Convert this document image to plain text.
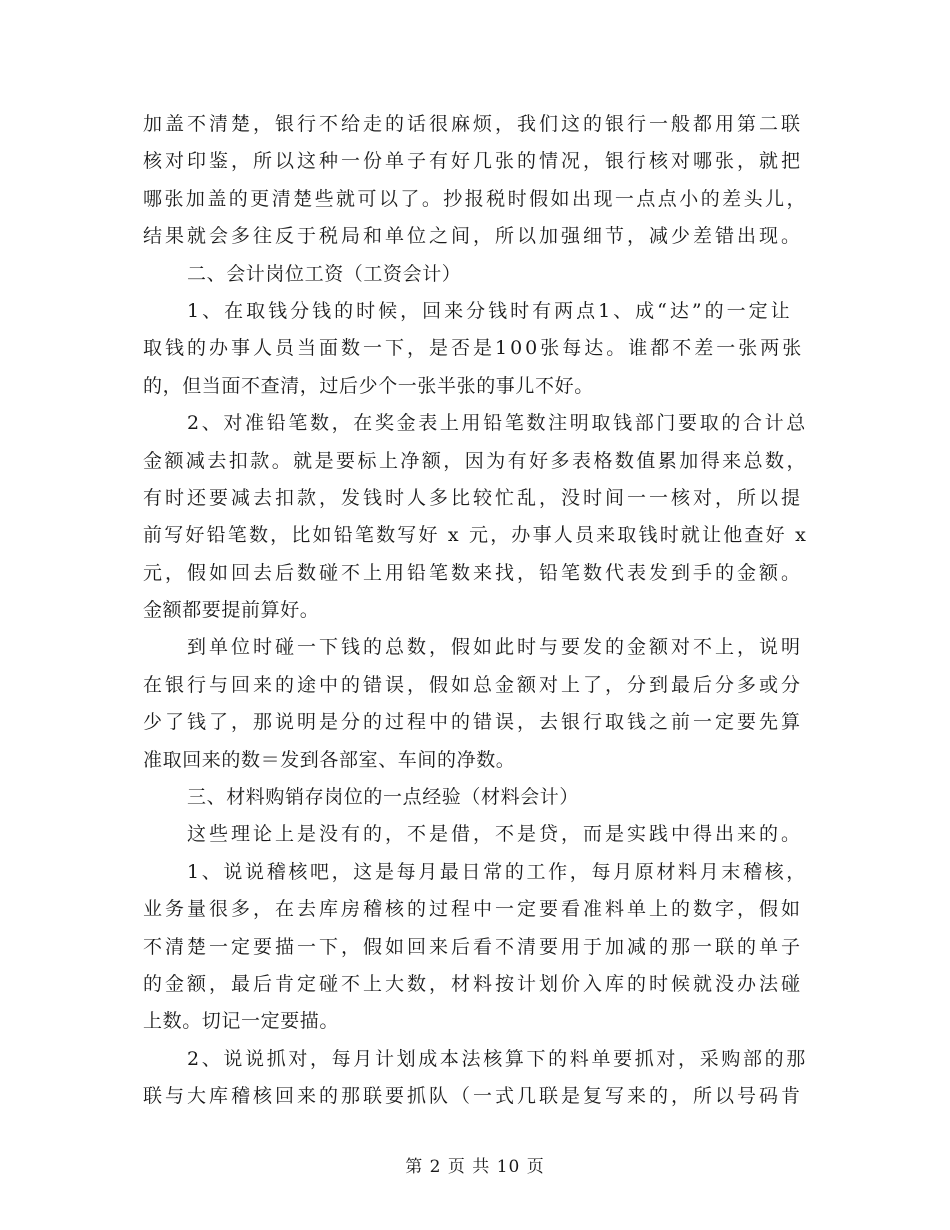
加盖不清楚，银行不给走的话很麻烦，我们这的银行一般都用第二联
核对印鉴，所以这种一份单子有好几张的情况，银行核对哪张，就把
哪张加盖的更清楚些就可以了。抄报税时假如出现一点点小的差头儿，
结果就会多往反于税局和单位之间，所以加强细节，减少差错出现。
二、会计岗位工资（工资会计）
1、在取钱分钱的时候，回来分钱时有两点1、成“达”的一定让
取钱的办事人员当面数一下，是否是100张每达。谁都不差一张两张
的，但当面不查清，过后少个一张半张的事儿不好。
2、对准铅笔数，在奖金表上用铅笔数注明取钱部门要取的合计总
金额减去扣款。就是要标上净额，因为有好多表格数值累加得来总数，
有时还要减去扣款，发钱时人多比较忙乱，没时间一一核对，所以提
前写好铅笔数，比如铅笔数写好 x 元，办事人员来取钱时就让他查好 x
元，假如回去后数碰不上用铅笔数来找，铅笔数代表发到手的金额。
金额都要提前算好。
到单位时碰一下钱的总数，假如此时与要发的金额对不上，说明
在银行与回来的途中的错误，假如总金额对上了，分到最后分多或分
少了钱了，那说明是分的过程中的错误，去银行取钱之前一定要先算
准取回来的数＝发到各部室、车间的净数。
三、材料购销存岗位的一点经验（材料会计）
这些理论上是没有的，不是借，不是贷，而是实践中得出来的。
1、说说稽核吧，这是每月最日常的工作，每月原材料月末稽核，
业务量很多，在去库房稽核的过程中一定要看准料单上的数字，假如
不清楚一定要描一下，假如回来后看不清要用于加减的那一联的单子
的金额，最后肯定碰不上大数，材料按计划价入库的时候就没办法碰
上数。切记一定要描。
2、说说抓对，每月计划成本法核算下的料单要抓对，采购部的那
联与大库稽核回来的那联要抓队（一式几联是复写来的，所以号码肯
第 2 页 共 10 页
